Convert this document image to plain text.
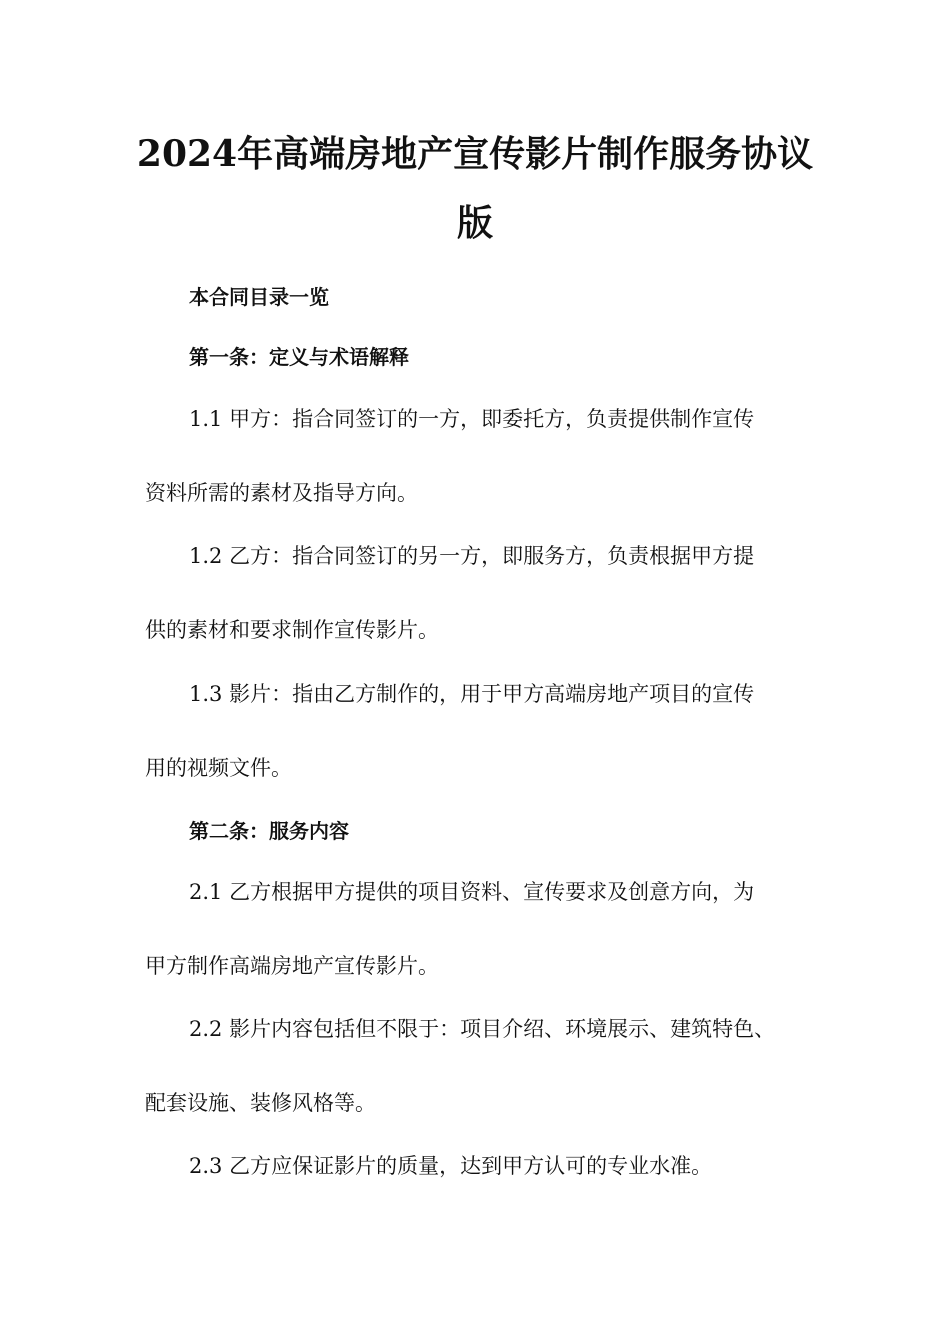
2024年高端房地产宣传影片制作服务协议
版
本合同目录一览
第一条：定义与术语解释
1.1 甲方：指合同签订的一方，即委托方，负责提供制作宣传
资料所需的素材及指导方向。
1.2 乙方：指合同签订的另一方，即服务方，负责根据甲方提
供的素材和要求制作宣传影片。
1.3 影片：指由乙方制作的，用于甲方高端房地产项目的宣传
用的视频文件。
第二条：服务内容
2.1 乙方根据甲方提供的项目资料、宣传要求及创意方向，为
甲方制作高端房地产宣传影片。
2.2 影片内容包括但不限于：项目介绍、环境展示、建筑特色、
配套设施、装修风格等。
2.3 乙方应保证影片的质量，达到甲方认可的专业水准。
